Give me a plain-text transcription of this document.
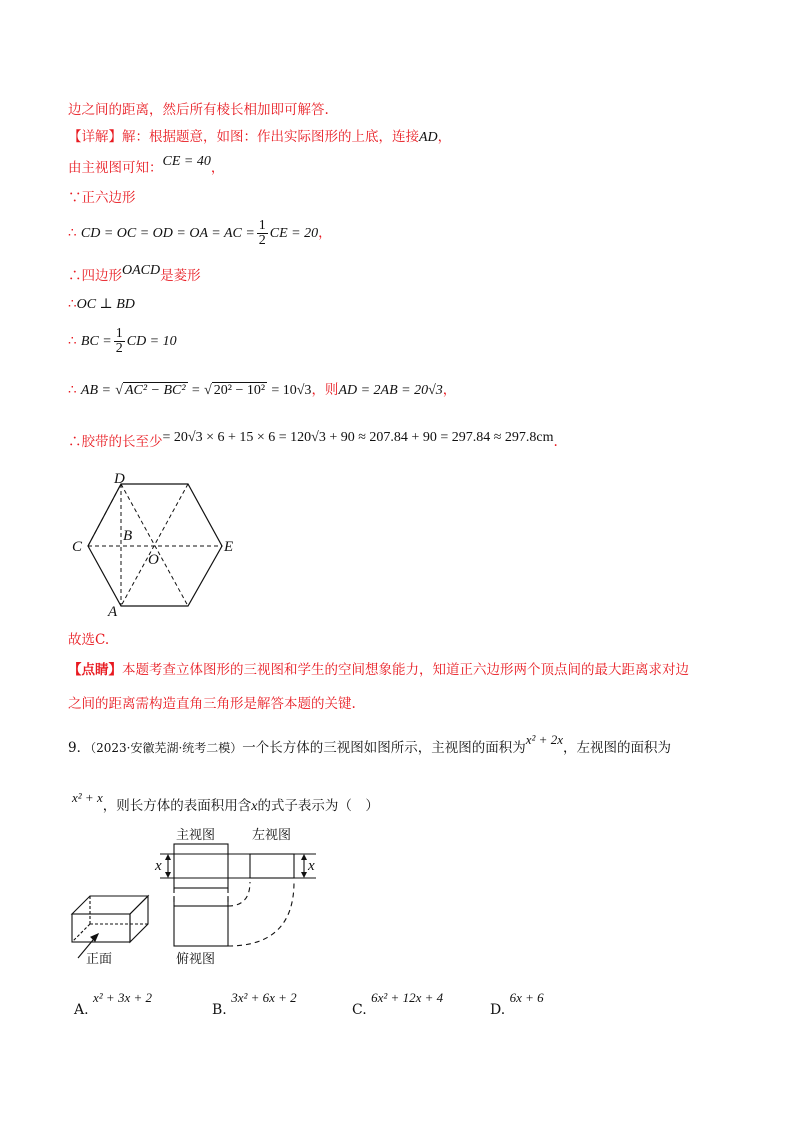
边之间的距离，然后所有棱长相加即可解答.
【详解】解：根据题意，如图：作出实际图形的上底，连接AD，
由主视图可知：CE = 40，
∵正六边形
∴ CD = OC = OD = OA = AC = $\frac{1}{2}$ CE = 20，
∴四边形OACD是菱形
∴OC ⊥ BD
∴ BC = $\frac{1}{2}$ CD = 10
∴ AB = √ AC² − BC² = √ 20² − 10² = 10√3，则AD = 2AB = 20√3，
∴胶带的长至少= 20√3 × 6 + 15 × 6 = 120√3 + 90 ≈ 207.84 + 90 = 297.84 ≈ 297.8cm.
D
C
B
O
E
A
故选C.
【点睛】本题考查立体图形的三视图和学生的空间想象能力，知道正六边形两个顶点间的最大距离求对边
之间的距离需构造直角三角形是解答本题的关键.
9．（2023·安徽芜湖·统考二模）一个长方体的三视图如图所示，主视图的面积为x² + 2x，左视图的面积为
x² + x，则长方体的表面积用含x的式子表示为（　）
x	x
主视图	左视图
俯视图
正面
A. x² + 3x + 2
B. 3x² + 6x + 2
C. 6x² + 12x + 4
D. 6x + 6
